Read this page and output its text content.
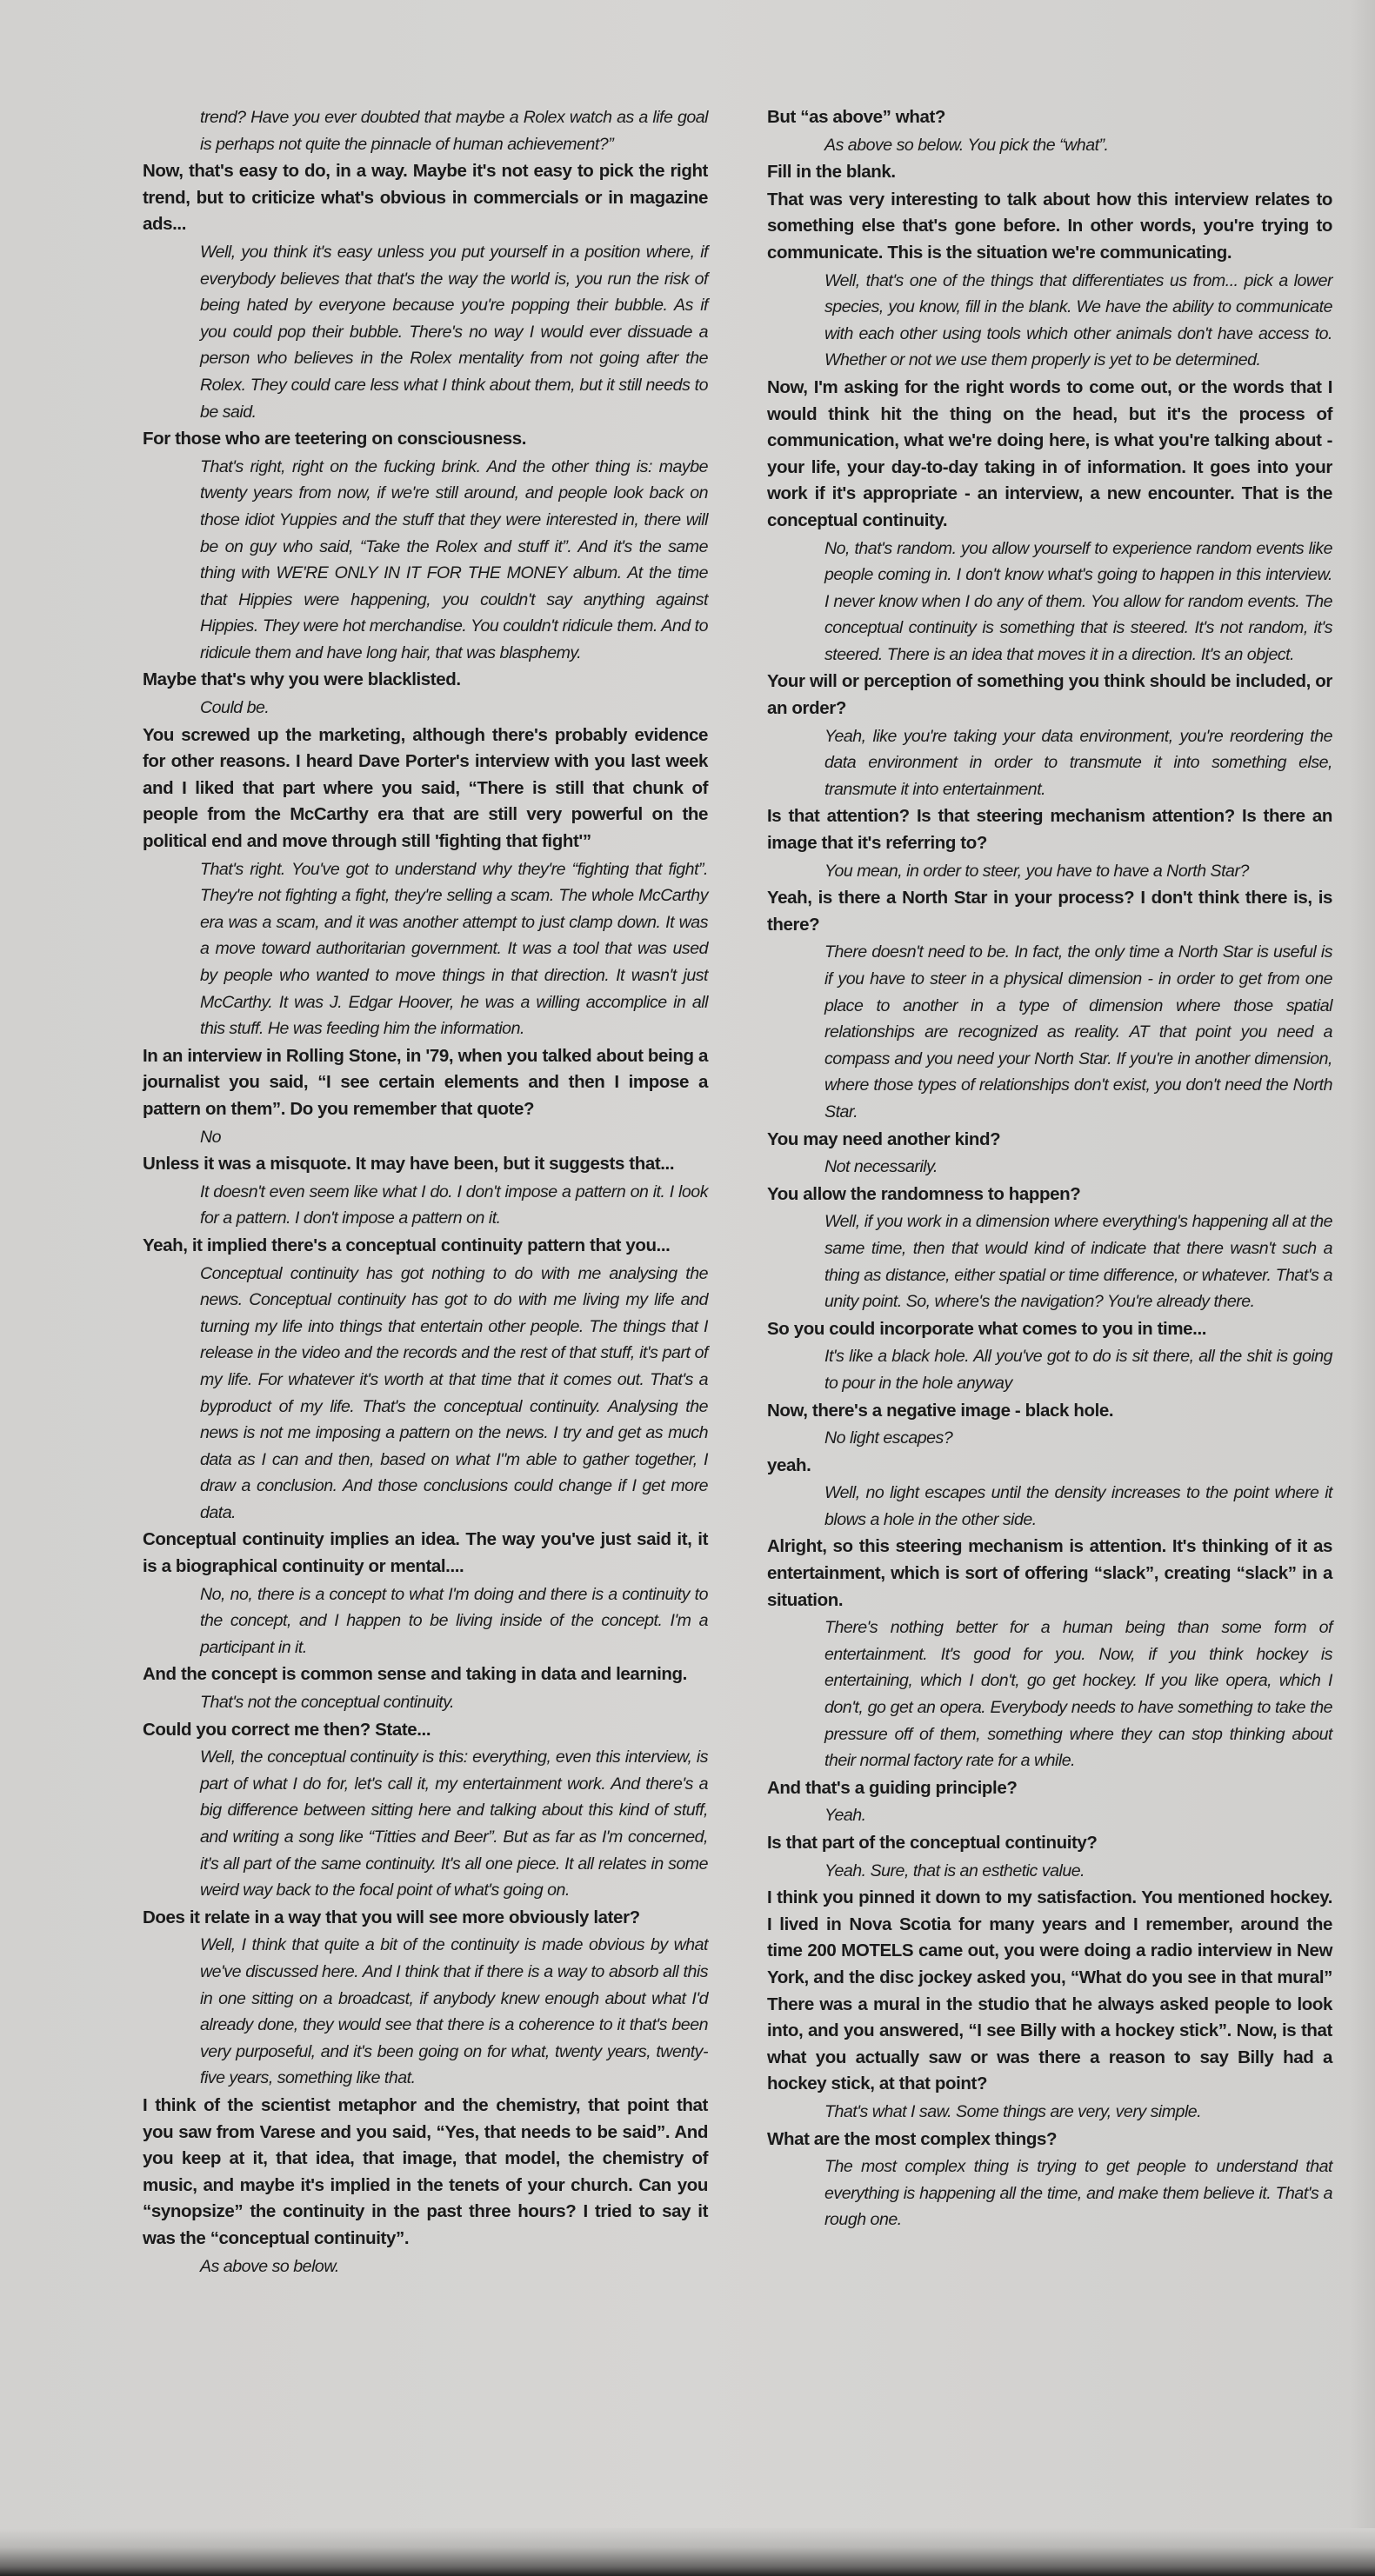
trend? Have you ever doubted that maybe a Rolex watch as a life goal is perhaps not quite the pinnacle of human achievement?”

Now, that's easy to do, in a way. Maybe it's not easy to pick the right trend, but to criticize what's obvious in commercials or in magazine ads...

Well, you think it's easy unless you put yourself in a position where, if everybody believes that that's the way the world is, you run the risk of being hated by everyone because you're popping their bubble. As if you could pop their bubble. There's no way I would ever dissuade a person who believes in the Rolex mentality from not going after the Rolex. They could care less what I think about them, but it still needs to be said.

For those who are teetering on consciousness.

That's right, right on the fucking brink. And the other thing is: maybe twenty years from now, if we're still around, and people look back on those idiot Yuppies and the stuff that they were interested in, there will be on guy who said, “Take the Rolex and stuff it”. And it's the same thing with WE'RE ONLY IN IT FOR THE MONEY album. At the time that Hippies were happening, you couldn't say anything against Hippies. They were hot merchandise. You couldn't ridicule them. And to ridicule them and have long hair, that was blasphemy.

Maybe that's why you were blacklisted.

Could be.

You screwed up the marketing, although there's probably evidence for other reasons. I heard Dave Porter's interview with you last week and I liked that part where you said, “There is still that chunk of people from the McCarthy era that are still very powerful on the political end and move through still 'fighting that fight'”

That's right. You've got to understand why they're “fighting that fight”. They're not fighting a fight, they're selling a scam. The whole McCarthy era was a scam, and it was another attempt to just clamp down. It was a move toward authoritarian government. It was a tool that was used by people who wanted to move things in that direction. It wasn't just McCarthy. It was J. Edgar Hoover, he was a willing accomplice in all this stuff. He was feeding him the information.

In an interview in Rolling Stone, in '79, when you talked about being a journalist you said, “I see certain elements and then I impose a pattern on them”. Do you remember that quote?

No

Unless it was a misquote. It may have been, but it suggests that...

It doesn't even seem like what I do. I don't impose a pattern on it. I look for a pattern. I don't impose a pattern on it.

Yeah, it implied there's a conceptual continuity pattern that you...

Conceptual continuity has got nothing to do with me analysing the news. Conceptual continuity has got to do with me living my life and turning my life into things that entertain other people. The things that I release in the video and the records and the rest of that stuff, it's part of my life. For whatever it's worth at that time that it comes out. That's a byproduct of my life. That's the conceptual continuity. Analysing the news is not me imposing a pattern on the news. I try and get as much data as I can and then, based on what I"m able to gather together, I draw a conclusion. And those conclusions could change if I get more data.

Conceptual continuity implies an idea. The way you've just said it, it is a biographical continuity or mental....

No, no, there is a concept to what I'm doing and there is a continuity to the concept, and I happen to be living inside of the concept. I'm a participant in it.

And the concept is common sense and taking in data and learning.

That's not the conceptual continuity.

Could you correct me then? State...

Well, the conceptual continuity is this: everything, even this interview, is part of what I do for, let's call it, my entertainment work. And there's a big difference between sitting here and talking about this kind of stuff, and writing a song like “Titties and Beer”. But as far as I'm concerned, it's all part of the same continuity. It's all one piece. It all relates in some weird way back to the focal point of what's going on.

Does it relate in a way that you will see more obviously later?

Well, I think that quite a bit of the continuity is made obvious by what we've discussed here. And I think that if there is a way to absorb all this in one sitting on a broadcast, if anybody knew enough about what I'd already done, they would see that there is a coherence to it that's been very purposeful, and it's been going on for what, twenty years, twenty-five years, something like that.

I think of the scientist metaphor and the chemistry, that point that you saw from Varese and you said, “Yes, that needs to be said”. And you keep at it, that idea, that image, that model, the chemistry of music, and maybe it's implied in the tenets of your church. Can you “synopsize” the continuity in the past three hours? I tried to say it was the “conceptual continuity”.

As above so below.

But “as above” what?

As above so below. You pick the “what”.

Fill in the blank.

That was very interesting to talk about how this interview relates to something else that's gone before. In other words, you're trying to communicate. This is the situation we're communicating.

Well, that's one of the things that differentiates us from... pick a lower species, you know, fill in the blank. We have the ability to communicate with each other using tools which other animals don't have access to. Whether or not we use them properly is yet to be determined.

Now, I'm asking for the right words to come out, or the words that I would think hit the thing on the head, but it's the process of communication, what we're doing here, is what you're talking about - your life, your day-to-day taking in of information. It goes into your work if it's appropriate - an interview, a new encounter. That is the conceptual continuity.

No, that's random. you allow yourself to experience random events like people coming in. I don't know what's going to happen in this interview. I never know when I do any of them. You allow for random events. The conceptual continuity is something that is steered. It's not random, it's steered. There is an idea that moves it in a direction. It's an object.

Your will or perception of something you think should be included, or an order?

Yeah, like you're taking your data environment, you're reordering the data environment in order to transmute it into something else, transmute it into entertainment.

Is that attention? Is that steering mechanism attention? Is there an image that it's referring to?

You mean, in order to steer, you have to have a North Star?

Yeah, is there a North Star in your process? I don't think there is, is there?

There doesn't need to be. In fact, the only time a North Star is useful is if you have to steer in a physical dimension - in order to get from one place to another in a type of dimension where those spatial relationships are recognized as reality. AT that point you need a compass and you need your North Star. If you're in another dimension, where those types of relationships don't exist, you don't need the North Star.

You may need another kind?

Not necessarily.

You allow the randomness to happen?

Well, if you work in a dimension where everything's happening all at the same time, then that would kind of indicate that there wasn't such a thing as distance, either spatial or time difference, or whatever. That's a unity point. So, where's the navigation? You're already there.

So you could incorporate what comes to you in time...

It's like a black hole. All you've got to do is sit there, all the shit is going to pour in the hole anyway

Now, there's a negative image - black hole.

No light escapes?

yeah.

Well, no light escapes until the density increases to the point where it blows a hole in the other side.

Alright, so this steering mechanism is attention. It's thinking of it as entertainment, which is sort of offering “slack”, creating “slack” in a situation.

There's nothing better for a human being than some form of entertainment. It's good for you. Now, if you think hockey is entertaining, which I don't, go get hockey. If you like opera, which I don't, go get an opera. Everybody needs to have something to take the pressure off of them, something where they can stop thinking about their normal factory rate for a while.

And that's a guiding principle?

Yeah.

Is that part of the conceptual continuity?

Yeah. Sure, that is an esthetic value.

I think you pinned it down to my satisfaction. You mentioned hockey. I lived in Nova Scotia for many years and I remember, around the time 200 MOTELS came out, you were doing a radio interview in New York, and the disc jockey asked you, “What do you see in that mural” There was a mural in the studio that he always asked people to look into, and you answered, “I see Billy with a hockey stick”. Now, is that what you actually saw or was there a reason to say Billy had a hockey stick, at that point?

That's what I saw. Some things are very, very simple.

What are the most complex things?

The most complex thing is trying to get people to understand that everything is happening all the time, and make them believe it. That's a rough one.
